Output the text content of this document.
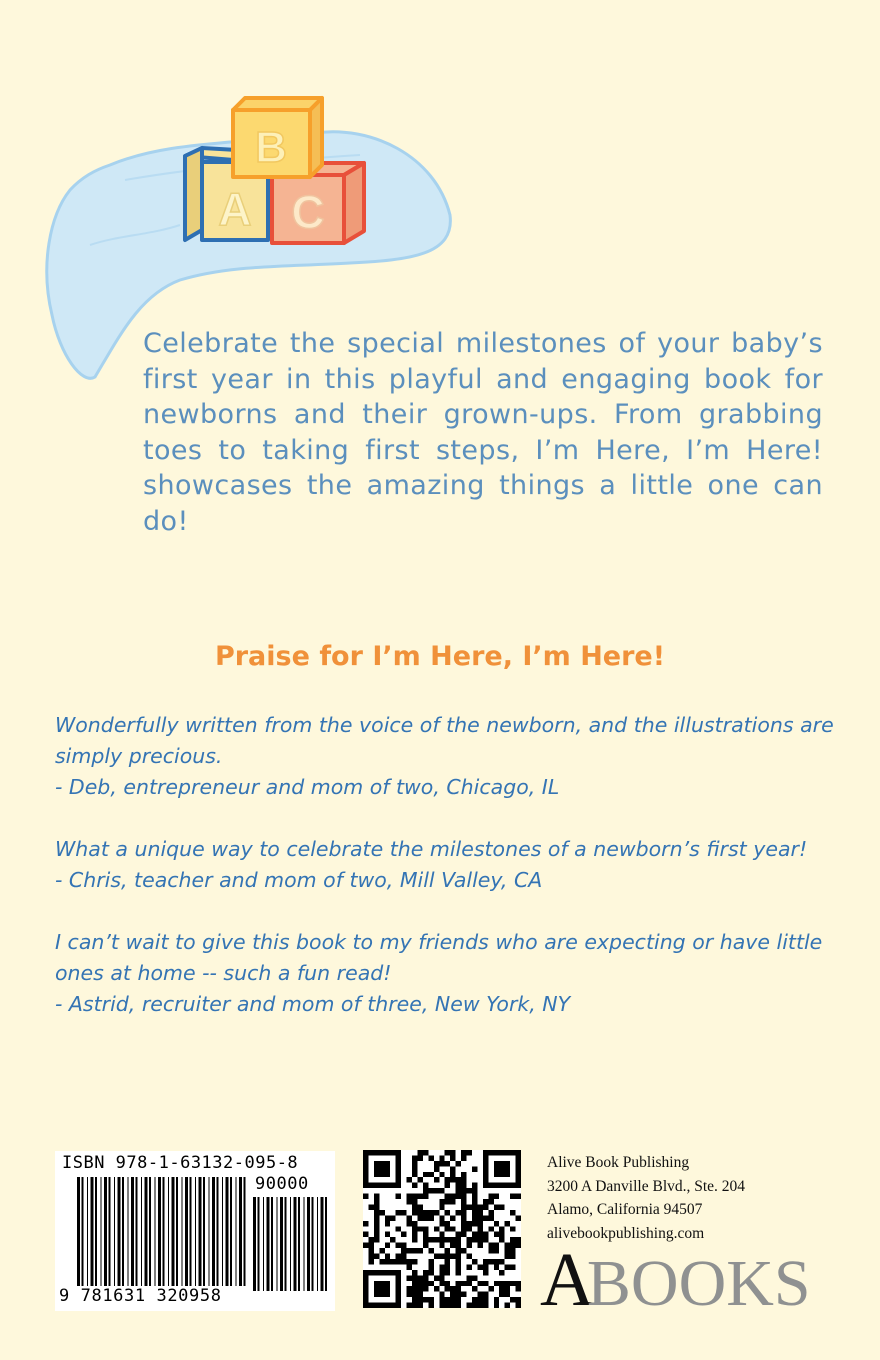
A C
B

Celebrate the special milestones of your baby’s first year in this playful and engaging book for newborns and their grown-ups. From grabbing toes to taking first steps, I’m Here, I’m Here! showcases the amazing things a little one can do!

Praise for I’m Here, I’m Here!
Wonderfully written from the voice of the newborn, and the illustrations are simply precious.
- Deb, entrepreneur and mom of two, Chicago, IL
What a unique way to celebrate the milestones of a newborn’s first year!
- Chris, teacher and mom of two, Mill Valley, CA
I can’t wait to give this book to my friends who are expecting or have little ones at home -- such a fun read!
- Astrid, recruiter and mom of three, New York, NY
ISBN 978-1-63132-095-8
90000
9 781631 320958
Alive Book Publishing
3200 A Danville Blvd., Ste. 204
Alamo, California 94507
alivebookpublishing.com
ABOOKS
